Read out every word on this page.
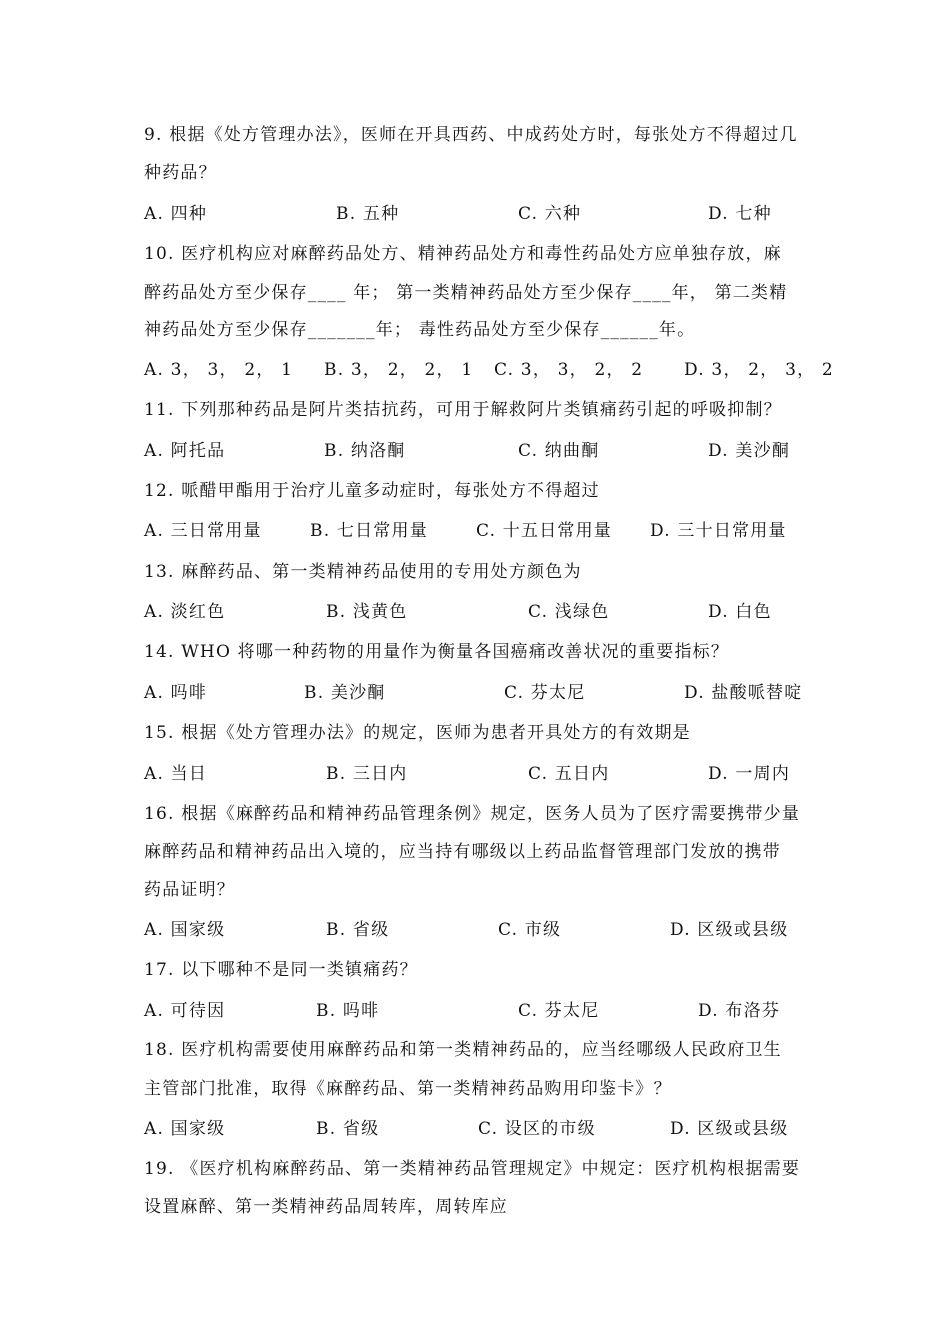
9. 根据《处方管理办法》，医师在开具西药、中成药处方时，每张处方不得超过几
种药品？
A. 四种	B. 五种	C. 六种	D. 七种
10. 医疗机构应对麻醉药品处方、精神药品处方和毒性药品处方应单独存放，麻
醉药品处方至少保存____ 年； 第一类精神药品处方至少保存____年， 第二类精
神药品处方至少保存_______年； 毒性药品处方至少保存______年。
A. 3， 3， 2， 1 B. 3， 2， 2， 1 C. 3， 3， 2， 2 D. 3， 2， 3， 2
11. 下列那种药品是阿片类拮抗药，可用于解救阿片类镇痛药引起的呼吸抑制？
A. 阿托品	B. 纳洛酮	C. 纳曲酮	D. 美沙酮
12. 哌醋甲酯用于治疗儿童多动症时，每张处方不得超过
A. 三日常用量	B. 七日常用量	C. 十五日常用量 D. 三十日常用量
13. 麻醉药品、第一类精神药品使用的专用处方颜色为
A. 淡红色	B. 浅黄色	C. 浅绿色	D. 白色
14. WHO 将哪一种药物的用量作为衡量各国癌痛改善状况的重要指标？
A. 吗啡	B. 美沙酮	C. 芬太尼	D. 盐酸哌替啶
15. 根据《处方管理办法》的规定，医师为患者开具处方的有效期是
A. 当日	B. 三日内	C. 五日内	D. 一周内
16. 根据《麻醉药品和精神药品管理条例》规定，医务人员为了医疗需要携带少量
麻醉药品和精神药品出入境的，应当持有哪级以上药品监督管理部门发放的携带
药品证明？
A. 国家级	B. 省级	C. 市级	D. 区级或县级
17. 以下哪种不是同一类镇痛药？
A. 可待因	B. 吗啡	C. 芬太尼	D. 布洛芬
18. 医疗机构需要使用麻醉药品和第一类精神药品的，应当经哪级人民政府卫生
主管部门批准，取得《麻醉药品、第一类精神药品购用印鉴卡》？
A. 国家级	B. 省级	C. 设区的市级	D. 区级或县级
19. 《医疗机构麻醉药品、第一类精神药品管理规定》中规定：医疗机构根据需要
设置麻醉、第一类精神药品周转库，周转库应
